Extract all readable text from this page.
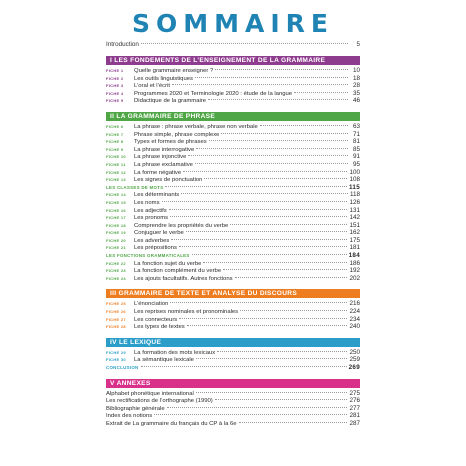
SOMMAIRE
Introduction	5
I LES FONDEMENTS DE L’ENSEIGNEMENT DE LA GRAMMAIRE
FICHE 1	Quelle grammaire enseigner ?	10
FICHE 2	Les outils linguistiques	18
FICHE 3	L’oral et l’écrit	28
FICHE 4	Programmes 2020 et Terminologie 2020 : étude de la langue	35
FICHE 5	Didactique de la grammaire	46
II LA GRAMMAIRE DE PHRASE
FICHE 6	La phrase : phrase verbale, phrase non verbale	63
FICHE 7	Phrase simple, phrase complexe	71
FICHE 8	Types et formes de phrases	81
FICHE 9	La phrase interrogative	85
FICHE 10	La phrase injonctive	91
FICHE 11	La phrase exclamative	95
FICHE 12	La forme négative	100
FICHE 13	Les signes de ponctuation	108
LES CLASSES DE MOTS	115
FICHE 14	Les déterminants	118
FICHE 15	Les noms	126
FICHE 16	Les adjectifs	131
FICHE 17	Les pronoms	142
FICHE 18	Comprendre les propriétés du verbe	151
FICHE 19	Conjuguer le verbe	162
FICHE 20	Les adverbes	175
FICHE 21	Les prépositions	181
LES FONCTIONS GRAMMATICALES	184
FICHE 22	La fonction sujet du verbe	186
FICHE 23	La fonction complément du verbe	192
FICHE 24	Les ajouts facultatifs. Autres fonctions	202
III GRAMMAIRE DE TEXTE ET ANALYSE DU DISCOURS
FICHE 25	L’énonciation	216
FICHE 26	Les reprises nominales et pronominales	224
FICHE 27	Les connecteurs	234
FICHE 28	Les types de textes	240
IV LE LEXIQUE
FICHE 29	La formation des mots lexicaux	250
FICHE 30	La sémantique lexicale	259
CONCLUSION	269
V ANNEXES
Alphabet phonétique international	275
Les rectifications de l’orthographe (1990)	276
Bibliographie générale	277
Index des notions	281
Extrait de La grammaire du français du CP à la 6e	287
